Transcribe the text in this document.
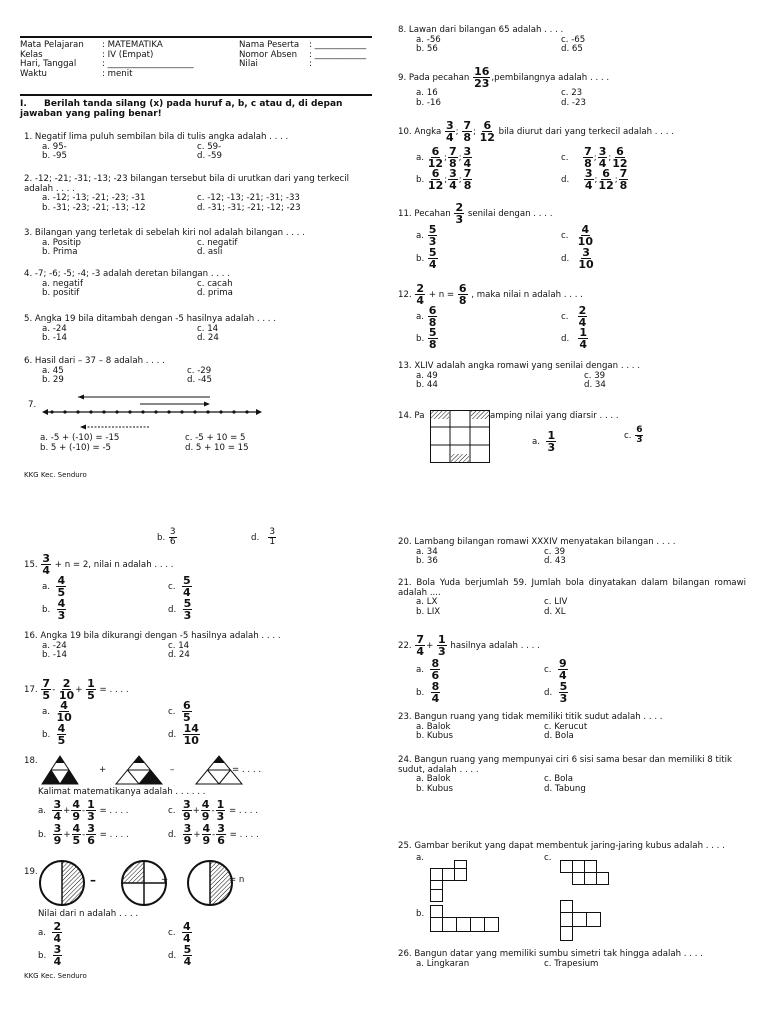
Mata Pelajaran	: MATEMATIKA	Nama Peserta	: ____________
Kelas	: IV (Empat)	Nomor Absen	: ____________
Hari, Tanggal	: ____________________	Nilai	:
Waktu	: menit		
I. Berilah tanda silang (x) pada huruf a, b, c atau d, di depan jawaban yang paling benar!
1. Negatif lima puluh sembilan bila di tulis angka adalah . . . .
a. 95-	c. 59-
b. -95	d. -59
2. -12; -21; -31; -13; -23 bilangan tersebut bila di urutkan dari yang terkecil adalah . . . .
a. -12; -13; -21; -23; -31	c. -12; -13; -21; -31; -33
b. -31; -23; -21; -13; -12	d. -31; -31; -21; -12; -23
3. Bilangan yang terletak di sebelah kiri nol adalah bilangan . . . .
a. Positip	c. negatif
b. Prima	d. asli
4. -7; -6; -5; -4; -3 adalah deretan bilangan . . . .
a. negatif	c. cacah
b. positif	d. prima
5. Angka 19 bila ditambah dengan -5 hasilnya adalah . . . .
a. -24	c. 14
b. -14	d. 24
6. Hasil dari – 37 – 8 adalah . . . .
a. 45	c. -29
b. 29	d. -45
7.
a. -5 + (-10) = -15	c. -5 + 10 = 5
b. 5 + (-10) = -5	d. 5 + 10 = 15
KKG Kec. Senduro
8. Lawan dari bilangan 65 adalah . . . .
a. -56	c. -65
b. 56	d. 65
9. Pada pecahan $\frac{16}{23}$ ,pembilangnya adalah . . . .
a. 16	c. 23
b. -16	d. -23
10. Angka $\frac{3}{4}$ ; $\frac{7}{8}$ ; $\frac{6}{12}$ bila diurut dari yang terkecil adalah . . . .
a. $\frac{6}{12}$ ; $\frac{7}{8}$ ; $\frac{3}{4}$
b. $\frac{6}{12}$ ; $\frac{3}{4}$ ; $\frac{7}{8}$
c. $\frac{7}{8}$ ; $\frac{3}{4}$ ; $\frac{6}{12}$
d. $\frac{3}{4}$ ; $\frac{6}{12}$ ; $\frac{7}{8}$
11. Pecahan $\frac{2}{3}$ senilai dengan . . . .
a. $\frac{5}{3}$
b. $\frac{5}{4}$
c. $\frac{4}{10}$
d. $\frac{3}{10}$
12. $\frac{2}{4} + n = \frac{6}{8}$ , maka nilai n adalah . . . .
a. $\frac{6}{8}$
b. $\frac{5}{8}$
c. $\frac{2}{4}$
d. $\frac{1}{4}$
13. XLIV adalah angka romawi yang senilai dengan . . . .
a. 49	c. 39
b. 44	d. 34
14. Pa	amping nilai yang diarsir . . . .
a. $\frac{1}{3}$	c. $\frac{6}{3}$
b. $\frac{3}{6}$	d. $\frac{3}{1}$
15. $\frac{3}{4} + n = 2$, nilai n adalah . . . .
a. $\frac{4}{5}$
b. $\frac{4}{3}$
c. $\frac{5}{4}$
d. $\frac{5}{3}$
16. Angka 19 bila dikurangi dengan -5 hasilnya adalah . . . .
a. -24	c. 14
b. -14	d. 24
17. $\frac{7}{5} - \frac{2}{10} + \frac{1}{5}$ = . . . .
a. $\frac{4}{10}$
b. $\frac{4}{5}$
c. $\frac{6}{5}$
d. $\frac{14}{10}$
18.
+	–	= . . . .
Kalimat matematikanya adalah . . . . . .
a. $\frac{3}{4} + \frac{4}{9} - \frac{1}{3}$ = . . . .
b. $\frac{3}{9} + \frac{4}{5} - \frac{3}{6}$ = . . . .
c. $\frac{3}{9} + \frac{4}{9} - \frac{1}{3}$ = . . . .
d. $\frac{3}{9} + \frac{4}{9} - \frac{3}{6}$ = . . . .
19.
–	+	= n
Nilai dari n adalah . . . .
a. $\frac{2}{4}$
b. $\frac{3}{4}$
c. $\frac{4}{4}$
d. $\frac{5}{4}$
KKG Kec. Senduro
20. Lambang bilangan romawi XXXIV menyatakan bilangan . . . .
a. 34	c. 39
b. 36	d. 43
21. Bola Yuda berjumlah 59. Jumlah bola dinyatakan dalam bilangan romawi adalah ....
a. LX	c. LIV
b. LIX	d. XL
22. $\frac{7}{4} + \frac{1}{3}$ hasilnya adalah . . . .
a. $\frac{8}{6}$
b. $\frac{8}{4}$
c. $\frac{9}{4}$
d. $\frac{5}{3}$
23. Bangun ruang yang tidak memiliki titik sudut adalah . . . .
a. Balok	c. Kerucut
b. Kubus	d. Bola
24. Bangun ruang yang mempunyai ciri 6 sisi sama besar dan memiliki 8 titik sudut, adalah . . . .
a. Balok	c. Bola
b. Kubus	d. Tabung
25. Gambar berikut yang dapat membentuk jaring-jaring kubus adalah . . . .
a.	c.
b.
26. Bangun datar yang memiliki sumbu simetri tak hingga adalah . . . .
a. Lingkaran	c. Trapesium
